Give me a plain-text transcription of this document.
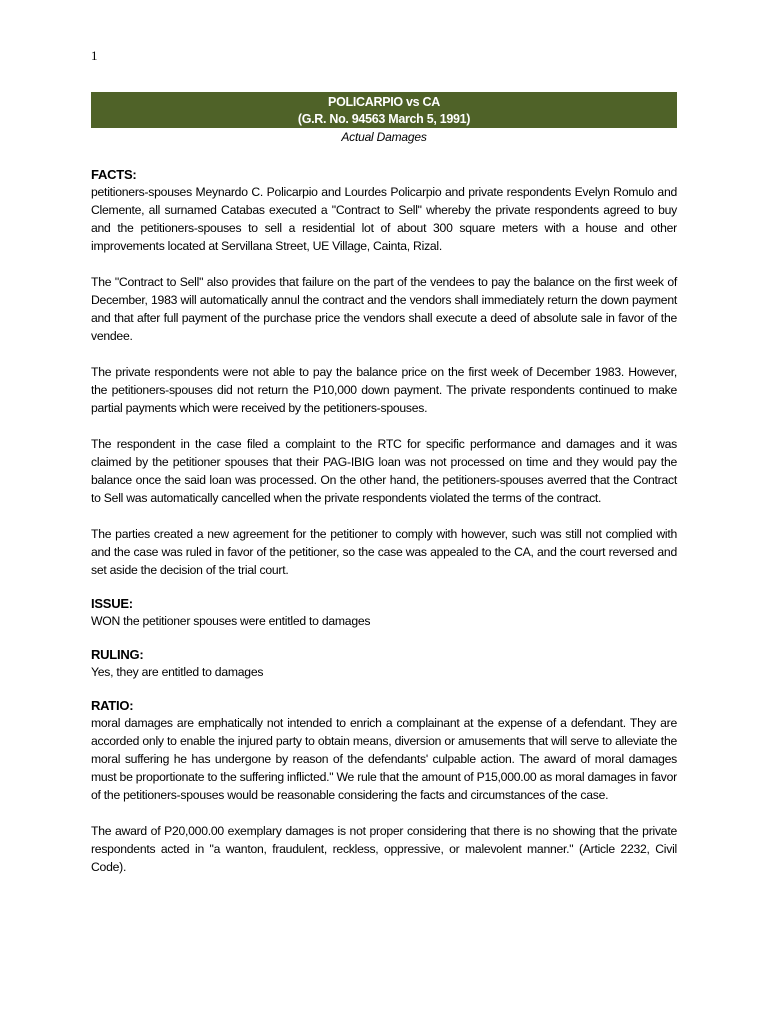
1
POLICARPIO vs CA
(G.R. No. 94563 March 5, 1991)
Actual Damages
FACTS:

petitioners-spouses Meynardo C. Policarpio and Lourdes Policarpio and private respondents Evelyn Romulo and Clemente, all surnamed Catabas executed a "Contract to Sell" whereby the private respondents agreed to buy and the petitioners-spouses to sell a residential lot of about 300 square meters with a house and other improvements located at Servillana Street, UE Village, Cainta, Rizal.

The "Contract to Sell" also provides that failure on the part of the vendees to pay the balance on the first week of December, 1983 will automatically annul the contract and the vendors shall immediately return the down payment and that after full payment of the purchase price the vendors shall execute a deed of absolute sale in favor of the vendee.

The private respondents were not able to pay the balance price on the first week of December 1983. However, the petitioners-spouses did not return the P10,000 down payment. The private respondents continued to make partial payments which were received by the petitioners-spouses.

The respondent in the case filed a complaint to the RTC for specific performance and damages and it was claimed by the petitioner spouses that their PAG-IBIG loan was not processed on time and they would pay the balance once the said loan was processed. On the other hand, the petitioners-spouses averred that the Contract to Sell was automatically cancelled when the private respondents violated the terms of the contract.

The parties created a new agreement for the petitioner to comply with however, such was still not complied with and the case was ruled in favor of the petitioner, so the case was appealed to the CA, and the court reversed and set aside the decision of the trial court.

ISSUE:

WON the petitioner spouses were entitled to damages

RULING:

Yes, they are entitled to damages

RATIO:

moral damages are emphatically not intended to enrich a complainant at the expense of a defendant. They are accorded only to enable the injured party to obtain means, diversion or amusements that will serve to alleviate the moral suffering he has undergone by reason of the defendants' culpable action. The award of moral damages must be proportionate to the suffering inflicted." We rule that the amount of P15,000.00 as moral damages in favor of the petitioners-spouses would be reasonable considering the facts and circumstances of the case.

The award of P20,000.00 exemplary damages is not proper considering that there is no showing that the private respondents acted in "a wanton, fraudulent, reckless, oppressive, or malevolent manner." (Article 2232, Civil Code).
